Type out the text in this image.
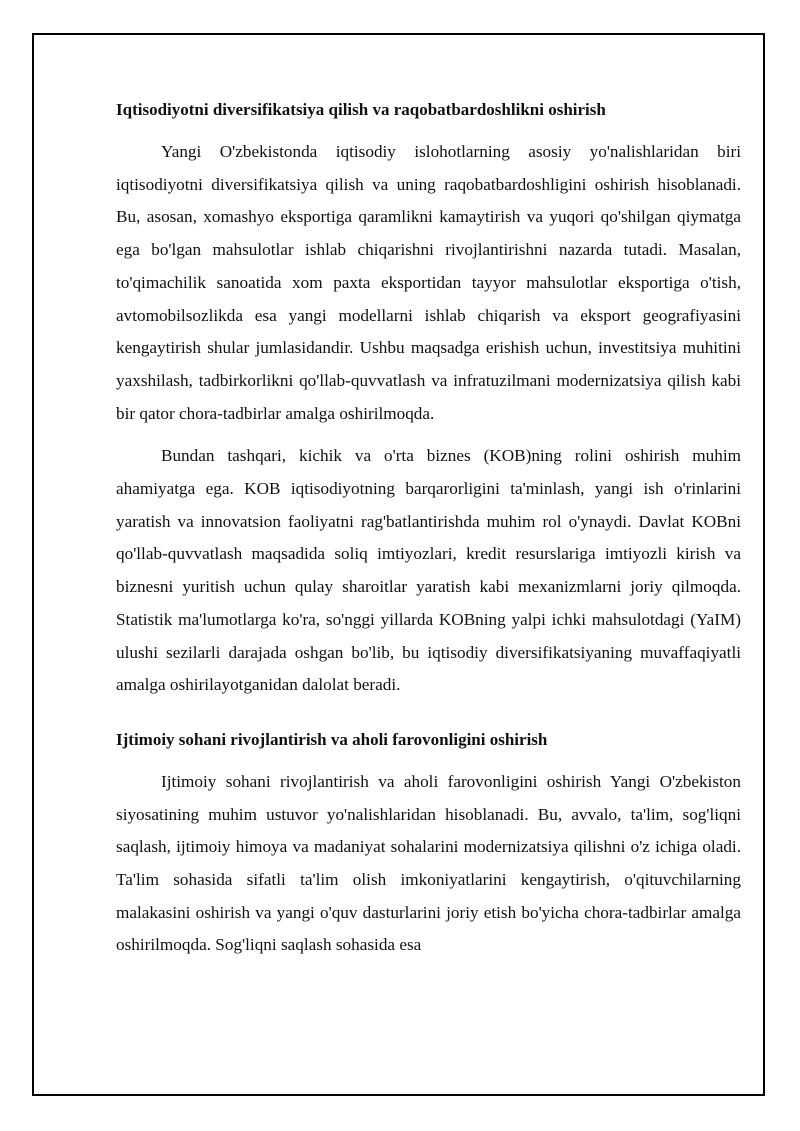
Iqtisodiyotni diversifikatsiya qilish va raqobatbardoshlikni oshirish

Yangi O'zbekistonda iqtisodiy islohotlarning asosiy yo'nalishlaridan biri iqtisodiyotni diversifikatsiya qilish va uning raqobatbardoshligini oshirish hisoblanadi. Bu, asosan, xomashyo eksportiga qaramlikni kamaytirish va yuqori qo'shilgan qiymatga ega bo'lgan mahsulotlar ishlab chiqarishni rivojlantirishni nazarda tutadi. Masalan, to'qimachilik sanoatida xom paxta eksportidan tayyor mahsulotlar eksportiga o'tish, avtomobilsozlikda esa yangi modellarni ishlab chiqarish va eksport geografiyasini kengaytirish shular jumlasidandir. Ushbu maqsadga erishish uchun, investitsiya muhitini yaxshilash, tadbirkorlikni qo'llab-quvvatlash va infratuzilmani modernizatsiya qilish kabi bir qator chora-tadbirlar amalga oshirilmoqda.

Bundan tashqari, kichik va o'rta biznes (KOB)ning rolini oshirish muhim ahamiyatga ega. KOB iqtisodiyotning barqarorligini ta'minlash, yangi ish o'rinlarini yaratish va innovatsion faoliyatni rag'batlantirishda muhim rol o'ynaydi. Davlat KOBni qo'llab-quvvatlash maqsadida soliq imtiyozlari, kredit resurslariga imtiyozli kirish va biznesni yuritish uchun qulay sharoitlar yaratish kabi mexanizmlarni joriy qilmoqda. Statistik ma'lumotlarga ko'ra, so'nggi yillarda KOBning yalpi ichki mahsulotdagi (YaIM) ulushi sezilarli darajada oshgan bo'lib, bu iqtisodiy diversifikatsiyaning muvaffaqiyatli amalga oshirilayotganidan dalolat beradi.

Ijtimoiy sohani rivojlantirish va aholi farovonligini oshirish

Ijtimoiy sohani rivojlantirish va aholi farovonligini oshirish Yangi O'zbekiston siyosatining muhim ustuvor yo'nalishlaridan hisoblanadi. Bu, avvalo, ta'lim, sog'liqni saqlash, ijtimoiy himoya va madaniyat sohalarini modernizatsiya qilishni o'z ichiga oladi. Ta'lim sohasida sifatli ta'lim olish imkoniyatlarini kengaytirish, o'qituvchilarning malakasini oshirish va yangi o'quv dasturlarini joriy etish bo'yicha chora-tadbirlar amalga oshirilmoqda. Sog'liqni saqlash sohasida esa
